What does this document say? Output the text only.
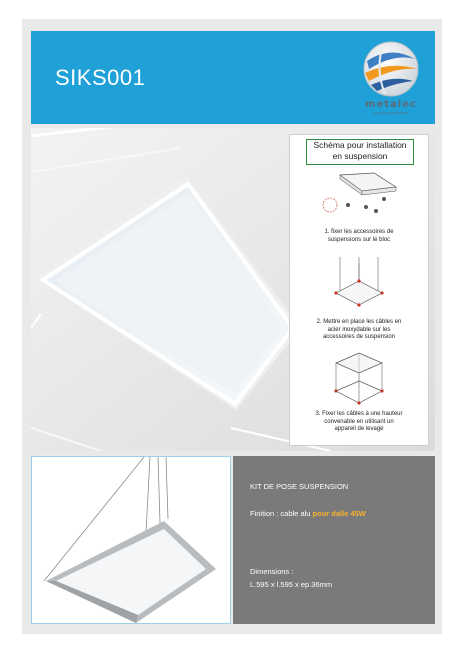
SIKS001
metalec
boost your business
Schéma pour installation
en suspension
1. fixer les accessoires de
suspensions sur le bloc
2. Mettre en place les câbles en
acier inoxydable sur les
accessoires de suspension
3. Fixer les câbles à une hauteur
convenable en utilisant un
appareil de levage
KIT DE POSE SUSPENSION
Finition : cable alu pour dalle 45W
Dimensions :
L.595 x l.595 x ep.36mm
